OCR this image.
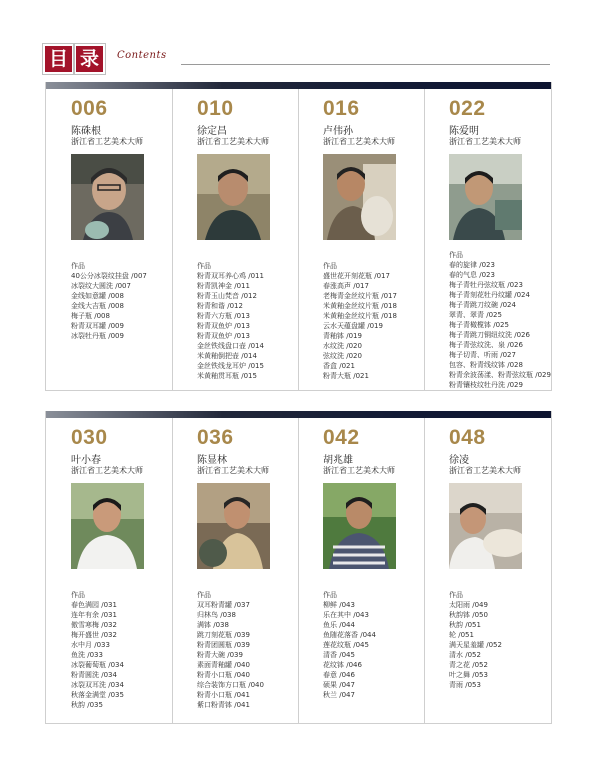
目 录	Contents
006
陈硃根
浙江省工艺美术大师
作品
40公分冰裂纹挂盘 /007
冰裂纹大圆洗 /007
金线如意罐 /008
金线大吉瓶 /008
梅子瓶 /008
粉青双耳罐 /009
冰裂牡丹瓶 /009
010
徐定昌
浙江省工艺美术大师
作品
粉青双耳养心鸡 /011
粉青凯神金 /011
粉青玉山梵音 /012
粉青和谐 /012
粉青六方瓶 /013
粉青双鱼炉 /013
粉青双鱼炉 /013
金丝铁线盘口壶 /014
米黄釉倒把壶 /014
金丝铁线龙耳炉 /015
米黄釉贯耳瓶 /015
016
卢伟孙
浙江省工艺美术大师
作品
盛世花开刻花瓶 /017
春涨高声 /017
老梅青金丝纹片瓶 /017
米黄釉金丝纹片瓶 /018
米黄釉金丝纹片瓶 /018
云水天蕴盘罐 /019
青釉钵 /019
水纹洗 /020
弦纹洗 /020
香盒 /021
粉青大瓶 /021
022
陈爱明
浙江省工艺美术大师
作品
春的旋律 /023
春的气息 /023
梅子青牡丹弦纹瓶 /023
梅子青刻花牡丹纹罐 /024
梅子青跳刀纹碗 /024
翠青、翠青 /025
梅子青橄榄钵 /025
梅子青跳刀铜纽纹洗 /026
梅子青弦纹洗、泉 /026
梅子切青、听雨 /027
包容、粉青线纹钵 /028
粉青余波荡漾、粉青弦纹瓶 /029
粉青镶枝纹牡丹洗 /029
030
叶小春
浙江省工艺美术大师
作品
春色满园 /031
连年有余 /031
傲雪寒梅 /032
梅开盛世 /032
水中月 /033
鱼洗 /033
冰裂葡萄瓶 /034
粉青圆洗 /034
冰裂双耳洗 /034
秋落金满堂 /035
秋韵 /035
036
陈显林
浙江省工艺美术大师
作品
双耳粉青罐 /037
归林鸟 /038
满钵 /038
跳刀刻花瓶 /039
粉青团圆瓶 /039
粉青大碗 /039
素面青釉罐 /040
粉青小口瓶 /040
综合装饰方口瓶 /040
粉青小口瓶 /041
紫口粉青钵 /041
042
胡兆雄
浙江省工艺美术大师
作品
柳鲜 /043
乐在其中 /043
鱼乐 /044
鱼随花落香 /044
莲花纹瓶 /045
清香 /045
花纹钵 /046
春意 /046
硕果 /047
秋兰 /047
048
徐凌
浙江省工艺美术大师
作品
太阳雨 /049
秋韵钵 /050
秋韵 /051
轮 /051
满天星羞罐 /052
清水 /052
青之花 /052
叶之舞 /053
青雨 /053
